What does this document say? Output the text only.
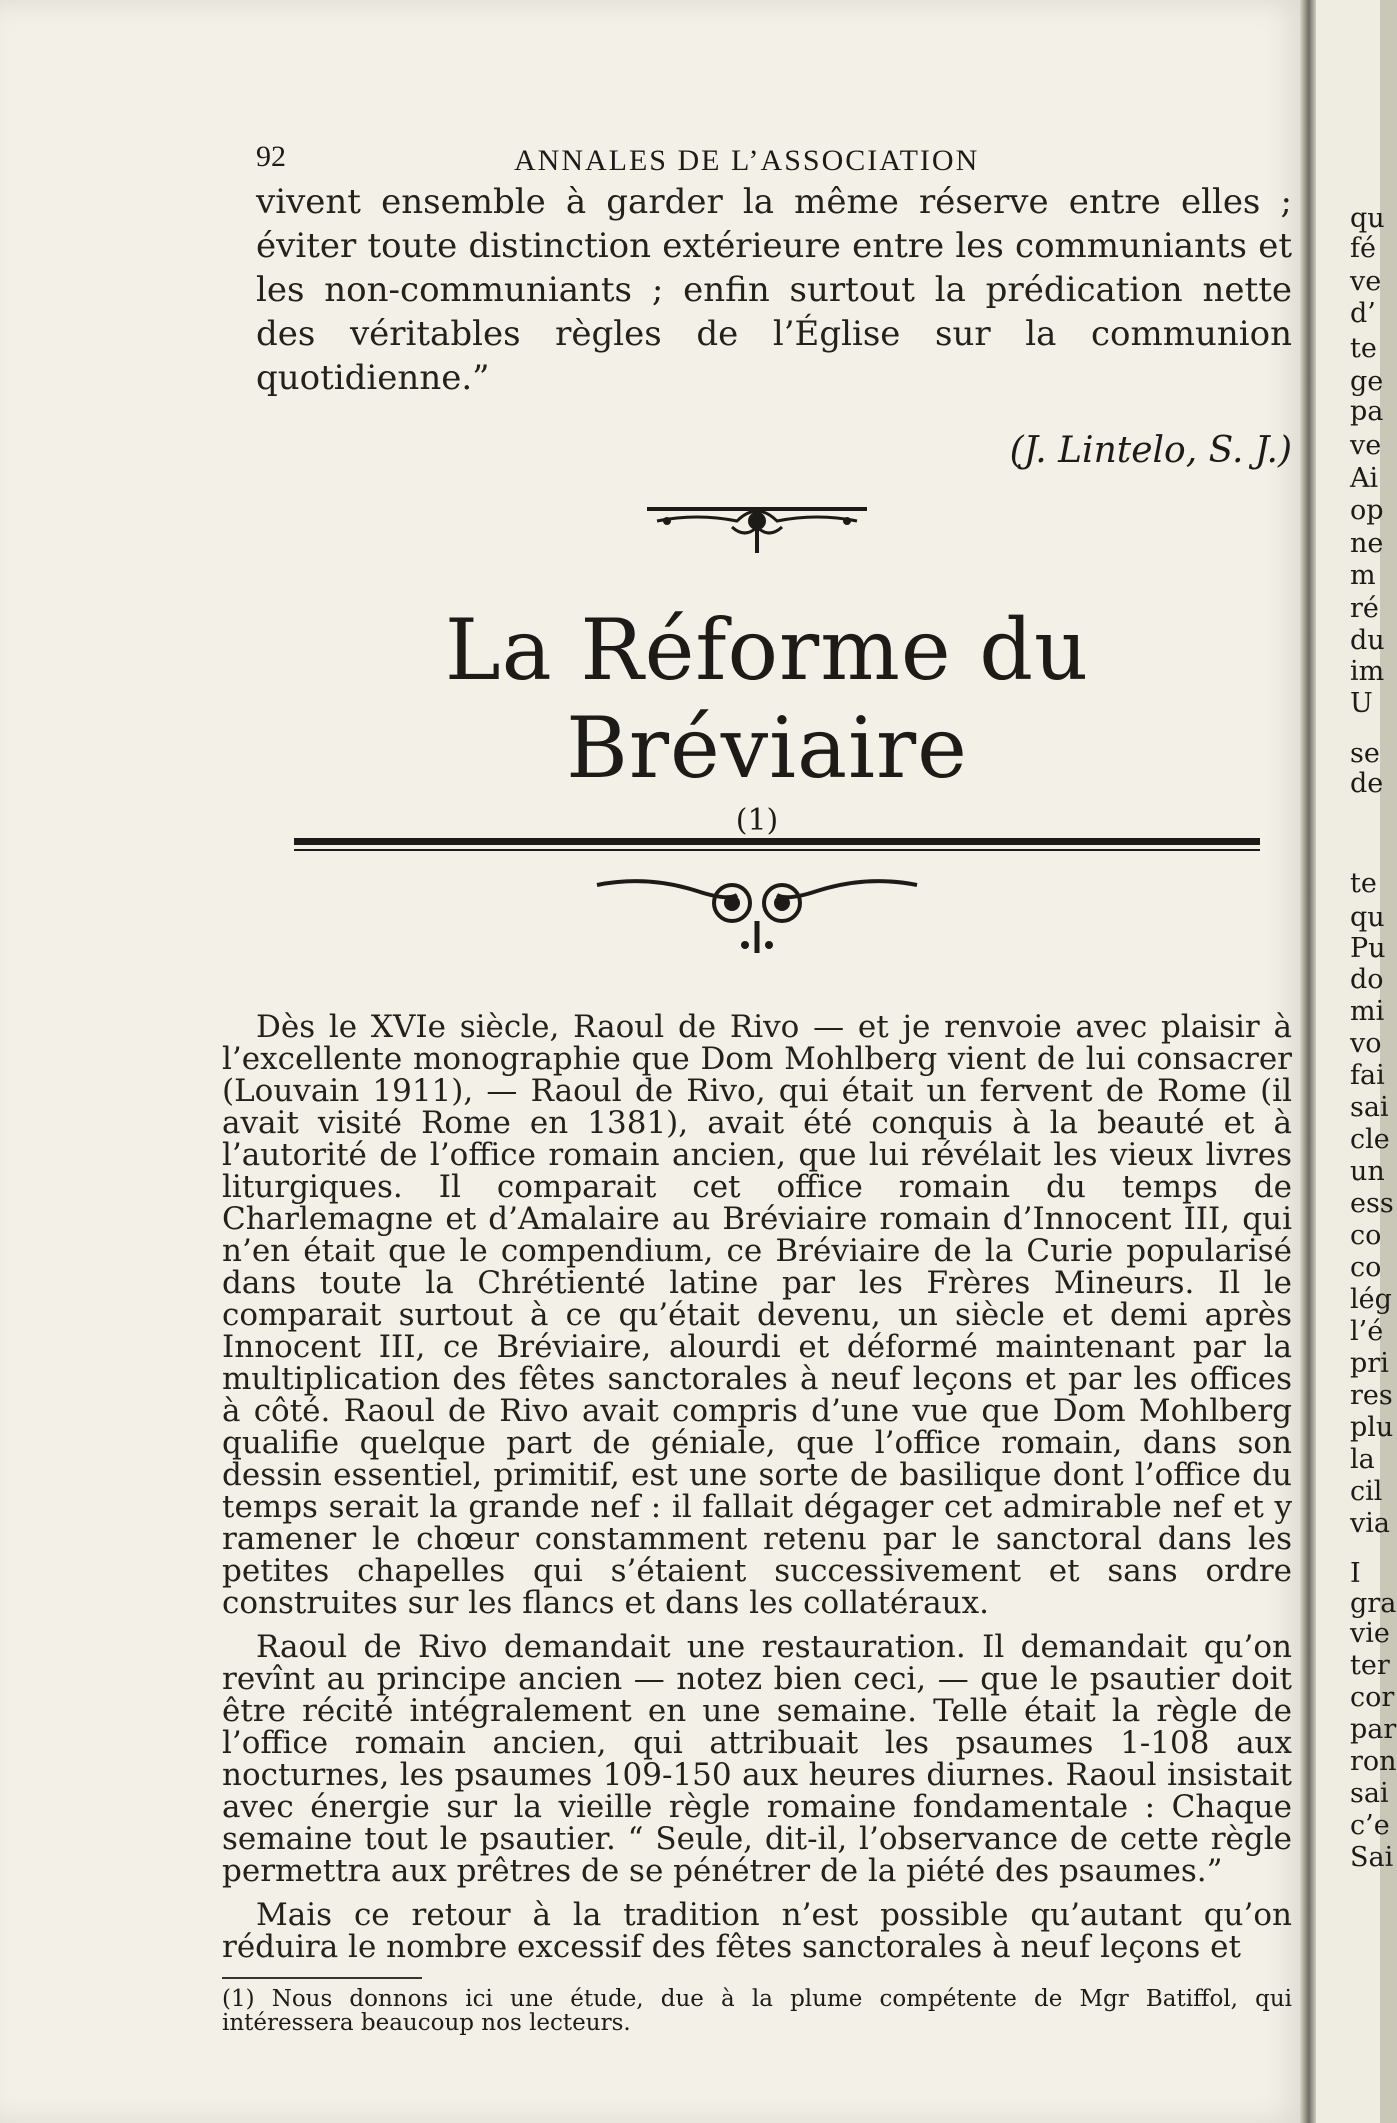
92	ANNALES DE L’ASSOCIATION

vivent ensemble à garder la même réserve entre elles ; éviter toute distinction extérieure entre les communiants et les non-communiants ; enfin surtout la prédication nette des véritables règles de l’Église sur la communion quotidienne.”

(J. Lintelo, S. J.)

La Réforme du Bréviaire(1)

Dès le XVIe siècle, Raoul de Rivo — et je renvoie avec plaisir à l’excellente monographie que Dom Mohlberg vient de lui consacrer (Louvain 1911), — Raoul de Rivo, qui était un fervent de Rome (il avait visité Rome en 1381), avait été conquis à la beauté et à l’autorité de l’office romain ancien, que lui révélait les vieux livres liturgiques. Il comparait cet office romain du temps de Charlemagne et d’Amalaire au Bréviaire romain d’Innocent III, qui n’en était que le compendium, ce Bréviaire de la Curie popularisé dans toute la Chrétienté latine par les Frères Mineurs. Il le comparait surtout à ce qu’était devenu, un siècle et demi après Innocent III, ce Bréviaire, alourdi et déformé maintenant par la multiplication des fêtes sanctorales à neuf leçons et par les offices à côté. Raoul de Rivo avait compris d’une vue que Dom Mohlberg qualifie quelque part de géniale, que l’office romain, dans son dessin essentiel, primitif, est une sorte de basilique dont l’office du temps serait la grande nef : il fallait dégager cet admirable nef et y ramener le chœur constamment retenu par le sanctoral dans les petites chapelles qui s’étaient successivement et sans ordre construites sur les flancs et dans les collatéraux.

Raoul de Rivo demandait une restauration. Il demandait qu’on revînt au principe ancien — notez bien ceci, — que le psautier doit être récité intégralement en une semaine. Telle était la règle de l’office romain ancien, qui attribuait les psaumes 1-108 aux nocturnes, les psaumes 109-150 aux heures diurnes. Raoul insistait avec énergie sur la vieille règle romaine fondamentale : Chaque semaine tout le psautier. “ Seule, dit-il, l’observance de cette règle permettra aux prêtres de se pénétrer de la piété des psaumes.”

Mais ce retour à la tradition n’est possible qu’autant qu’on réduira le nombre excessif des fêtes sanctorales à neuf leçons et

(1) Nous donnons ici une étude, due à la plume compétente de Mgr Batiffol, qui intéressera beaucoup nos lecteurs.

qu
fé
ve
d’
te
ge
pa
ve
Ai
op
ne
m
ré
du
im
U
se
de
te
qu
Pu
do
mi
vo
fai
sai
cle
un
ess
co
co
lég
l’é
pri
res
plu
la
cil
via
I
gra
vie
ter
cor
par
ron
sai
c’e
Sai
